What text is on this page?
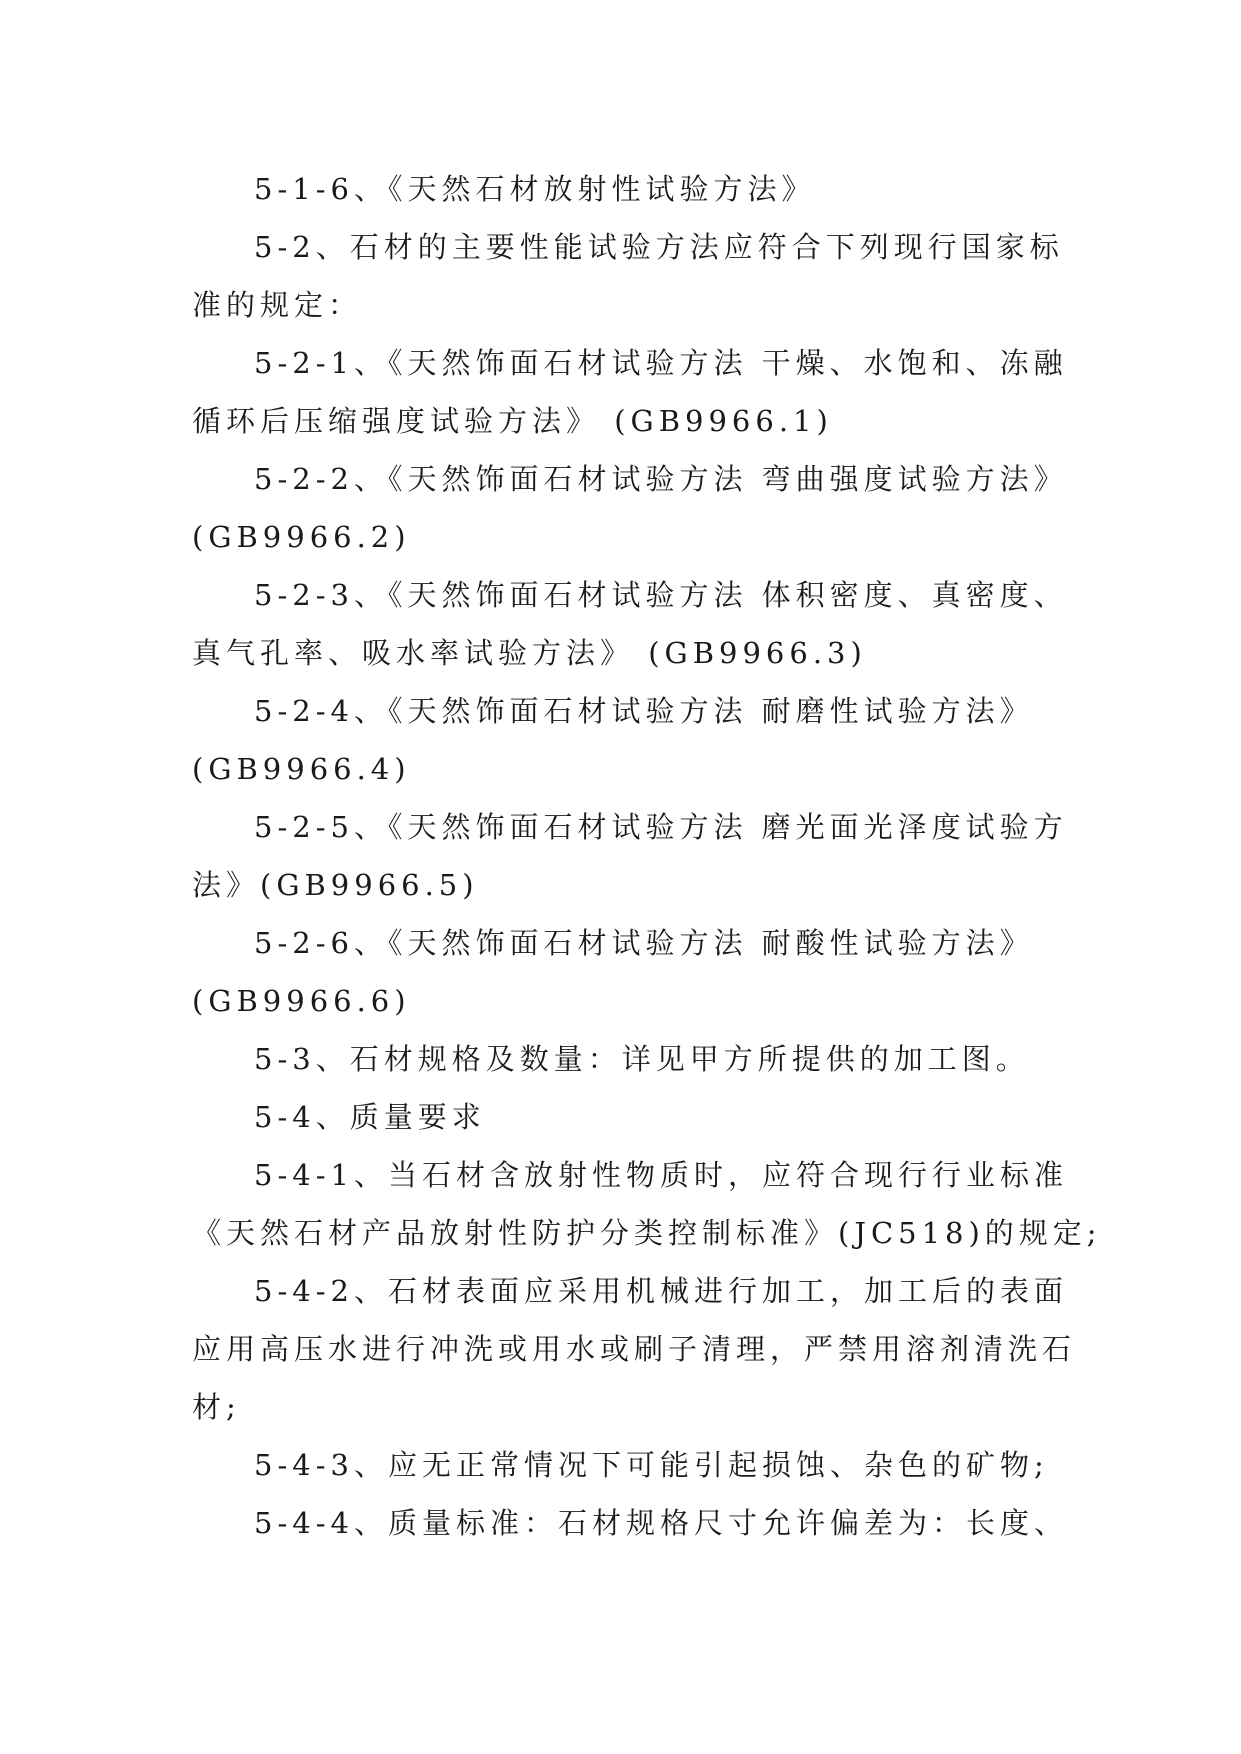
5-1-6、《天然石材放射性试验方法》
5-2、石材的主要性能试验方法应符合下列现行国家标
准的规定：
5-2-1、《天然饰面石材试验方法 干燥、水饱和、冻融
循环后压缩强度试验方法》 (GB9966.1)
5-2-2、《天然饰面石材试验方法 弯曲强度试验方法》
(GB9966.2)
5-2-3、《天然饰面石材试验方法 体积密度、真密度、
真气孔率、吸水率试验方法》 (GB9966.3)
5-2-4、《天然饰面石材试验方法 耐磨性试验方法》
(GB9966.4)
5-2-5、《天然饰面石材试验方法 磨光面光泽度试验方
法》(GB9966.5)
5-2-6、《天然饰面石材试验方法 耐酸性试验方法》
(GB9966.6)
5-3、石材规格及数量：详见甲方所提供的加工图。
5-4、质量要求
5-4-1、当石材含放射性物质时，应符合现行行业标准
《天然石材产品放射性防护分类控制标准》(JC518)的规定;
5-4-2、石材表面应采用机械进行加工，加工后的表面
应用高压水进行冲洗或用水或刷子清理，严禁用溶剂清洗石
材;
5-4-3、应无正常情况下可能引起损蚀、杂色的矿物;
5-4-4、质量标准：石材规格尺寸允许偏差为：长度、
